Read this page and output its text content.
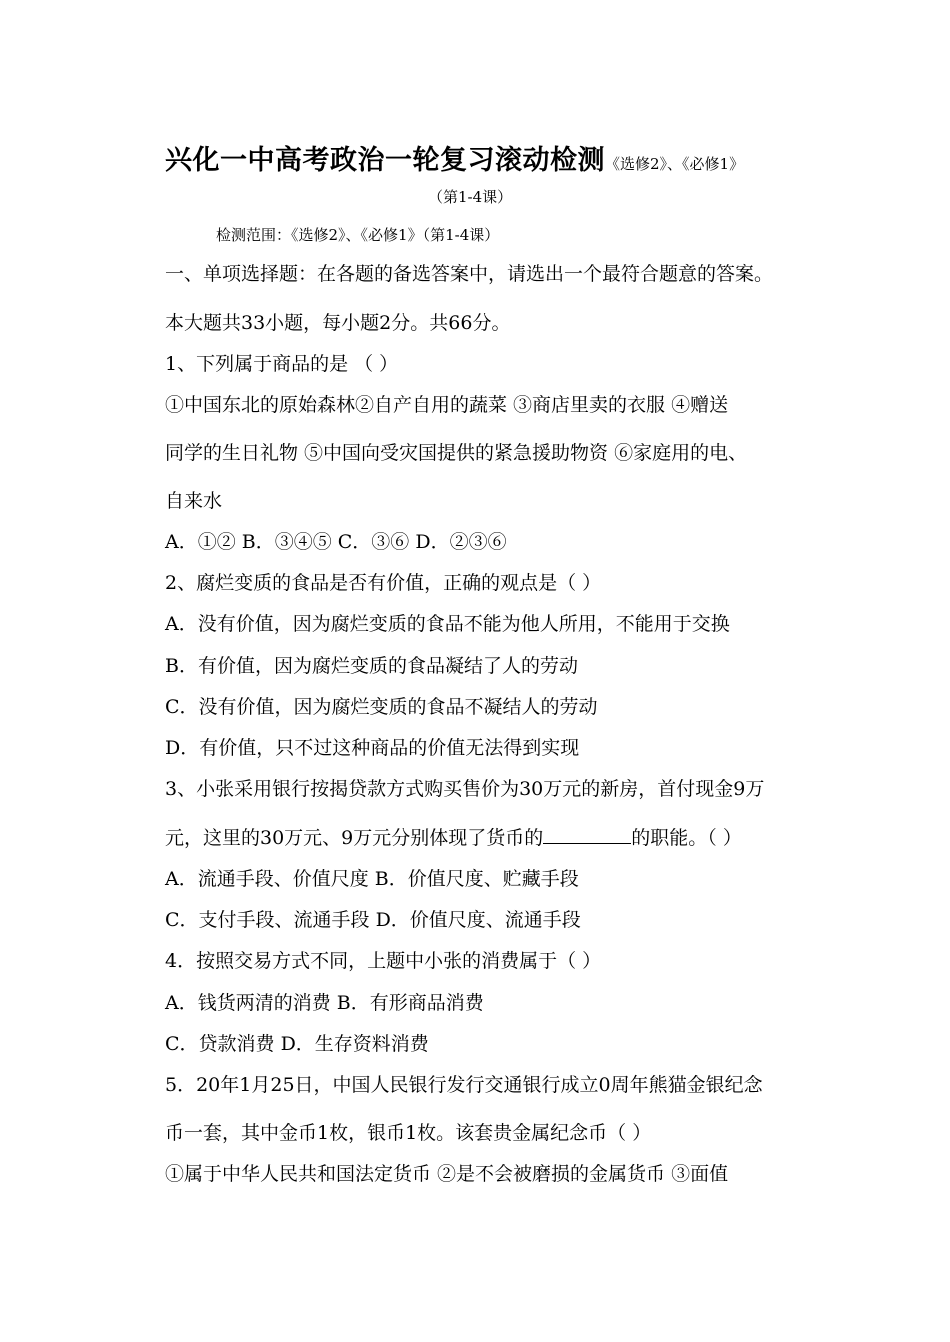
兴化一中高考政治一轮复习滚动检测《选修2》、《必修1》
（第1-4课）
检测范围：《选修2》、《必修1》（第1-4课）
一、单项选择题：在各题的备选答案中，请选出一个最符合题意的答案。
本大题共33小题，每小题2分。共66分。
1、下列属于商品的是 （ ）
①中国东北的原始森林②自产自用的蔬菜 ③商店里卖的衣服 ④赠送
同学的生日礼物 ⑤中国向受灾国提供的紧急援助物资 ⑥家庭用的电、
自来水
A．①② B．③④⑤ C．③⑥ D．②③⑥
2、腐烂变质的食品是否有价值，正确的观点是（ ）
A．没有价值，因为腐烂变质的食品不能为他人所用，不能用于交换
B．有价值，因为腐烂变质的食品凝结了人的劳动
C．没有价值，因为腐烂变质的食品不凝结人的劳动
D．有价值，只不过这种商品的价值无法得到实现
3、小张采用银行按揭贷款方式购买售价为30万元的新房，首付现金9万
元，这里的30万元、9万元分别体现了货币的	的职能。（ ）
A．流通手段、价值尺度 B．价值尺度、贮藏手段
C．支付手段、流通手段 D．价值尺度、流通手段
4．按照交易方式不同，上题中小张的消费属于（ ）
A．钱货两清的消费 B．有形商品消费
C．贷款消费 D．生存资料消费
5．20年1月25日，中国人民银行发行交通银行成立0周年熊猫金银纪念
币一套，其中金币1枚，银币1枚。该套贵金属纪念币（ ）
①属于中华人民共和国法定货币 ②是不会被磨损的金属货币 ③面值
